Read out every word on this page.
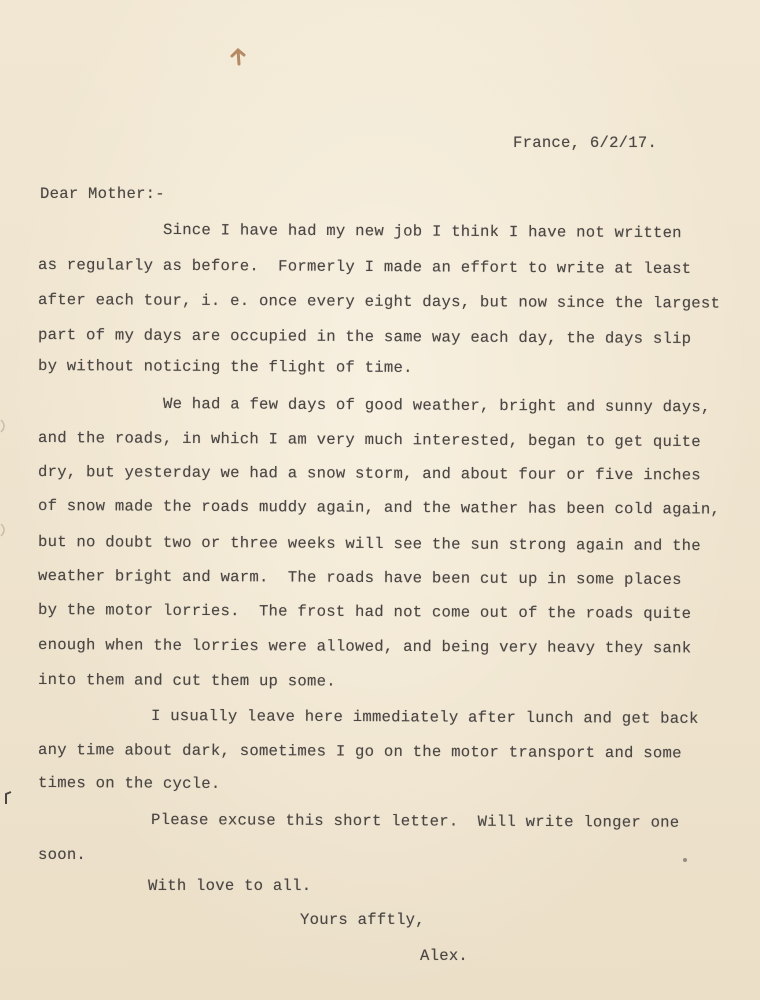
France, 6/2/17.
Dear Mother:-
Since I have had my new job I think I have not written
as regularly as before.  Formerly I made an effort to write at least
after each tour, i. e. once every eight days, but now since the largest
part of my days are occupied in the same way each day, the days slip
by without noticing the flight of time.
We had a few days of good weather, bright and sunny days,
and the roads, in which I am very much interested, began to get quite
dry, but yesterday we had a snow storm, and about four or five inches
of snow made the roads muddy again, and the wather has been cold again,
but no doubt two or three weeks will see the sun strong again and the
weather bright and warm.  The roads have been cut up in some places
by the motor lorries.  The frost had not come out of the roads quite
enough when the lorries were allowed, and being very heavy they sank
into them and cut them up some.
I usually leave here immediately after lunch and get back
any time about dark, sometimes I go on the motor transport and some
times on the cycle.
Please excuse this short letter.  Will write longer one
soon.
With love to all.
Yours afftly,
Alex.
